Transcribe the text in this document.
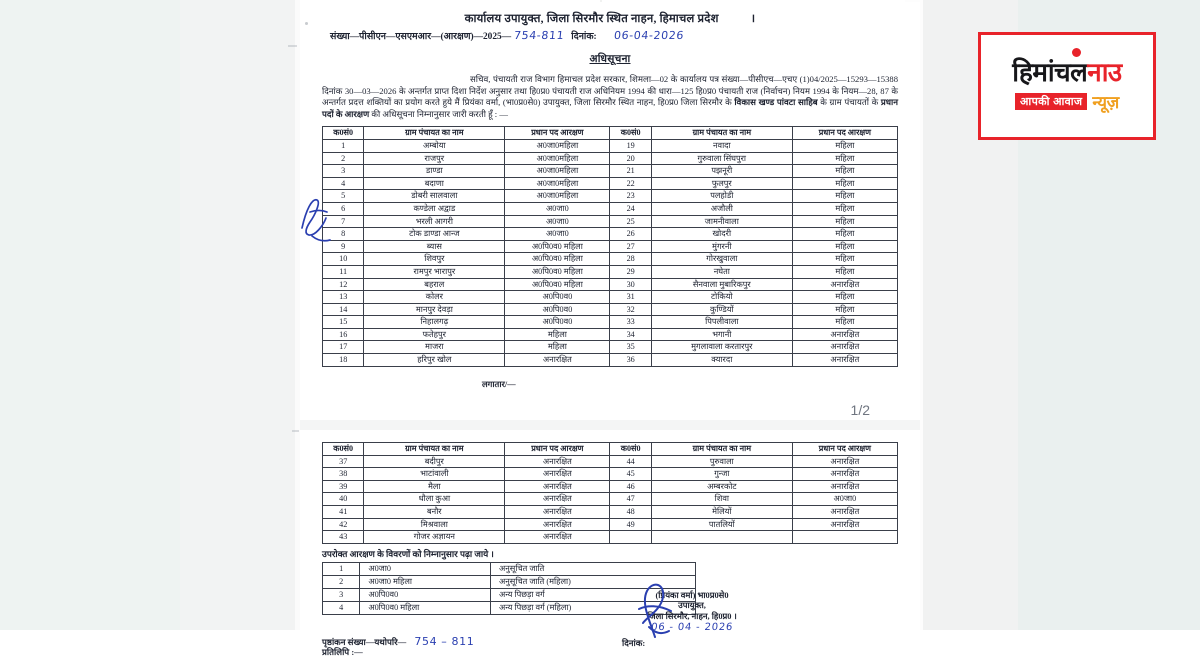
कार्यालय उपायुक्त, जिला सिरमौर स्थित नाहन, हिमाचल प्रदेश	।
संख्या—पीसीएन—एसएमआर—(आरक्षण)—2025— 754-811 दिनांक: 06-04-2026
अधिसूचना
सचिव, पंचायती राज विभाग हिमाचल प्रदेश सरकार, शिमला—02 के कार्यालय पत्र संख्या—पीसीएच—एचए (1)04/2025—15293—15388 दिनांक 30—03—2026 के अन्तर्गत प्राप्त दिशा निर्देश अनुसार तथा हि0प्र0 पंचायती राज अधिनियम 1994 की धारा—125 हि0प्र0 पंचायती राज (निर्वाचन) नियम 1994 के नियम—28, 87 के अन्तर्गत प्रदत्त शक्तियों का प्रयोग करते हुये मैं प्रियंका वर्मा, (भा0प्र0से0) उपायुक्त, जिला सिरमौर स्थित नाहन, हि0प्र0 जिला सिरमौर के विकास खण्ड पांवटा साहिब के ग्राम पंचायतों के प्रधान पदों के आरक्षण की अधिसूचना निम्नानुसार जारी करती हूँ : —
क0सं0	ग्राम पंचायत का नाम	प्रधान पद आरक्षण	क0सं0	ग्राम पंचायत का नाम	प्रधान पद आरक्षण
1	अम्बोया	अ0जा0महिला	19	नवादा	महिला
2	राजपुर	अ0जा0महिला	20	गुरुवाला सिंघपुरा	महिला
3	डाण्डा	अ0जा0महिला	21	पझनूरी	महिला
4	बदाणा	अ0जा0महिला	22	फुलपुर	महिला
5	डोबरी सालवाला	अ0जा0महिला	23	पलहोडी	महिला
6	कण्डेला अद्वाड	अ0जा0	24	अजौली	महिला
7	भरली आगरी	अ0जा0	25	जामनीवाला	महिला
8	टोक डाण्डा आन्ज	अ0जा0	26	खोदरी	महिला
9	ब्यास	अ0पि0व0 महिला	27	मुंगरनी	महिला
10	शिवपुर	अ0पि0व0 महिला	28	गोरखुवाला	महिला
11	रामपुर भारापुर	अ0पि0व0 महिला	29	नघेता	महिला
12	बहराल	अ0पि0व0 महिला	30	सैनवाला मुबारिकपुर	अनारक्षित
13	कोलर	अ0पि0व0	31	टोकियो	महिला
14	मानपुर देवड़ा	अ0पि0व0	32	कुण्डियों	महिला
15	निहालगढ़	अ0पि0व0	33	पिपलीवाला	महिला
16	फतेहपुर	महिला	34	भगानी	अनारक्षित
17	माजरा	महिला	35	मुगलावाला करतारपुर	अनारक्षित
18	हरिपुर खोल	अनारक्षित	36	क्यारदा	अनारक्षित
लगातार/—
1/2
क0सं0	ग्राम पंचायत का नाम	प्रधान पद आरक्षण	क0सं0	ग्राम पंचायत का नाम	प्रधान पद आरक्षण
37	बदीपुर	अनारक्षित	44	पुरुवाला	अनारक्षित
38	भाटांवाली	अनारक्षित	45	गुन्जा	अनारक्षित
39	मैला	अनारक्षित	46	अम्बरकोट	अनारक्षित
40	धौला कुआ	अनारक्षित	47	शिवा	अ0जा0
41	बनौर	अनारक्षित	48	मेलियों	अनारक्षित
42	मिश्रवाला	अनारक्षित	49	पातलियों	अनारक्षित
43	गोजर अज्ञायन	अनारक्षित			
उपरोक्त आरक्षण के विवरणों को निम्नानुसार पढ़ा जाये ।
1	अ0जा0	अनुसूचित जाति
2	अ0जा0 महिला	अनुसूचित जाति (महिला)
3	अ0पि0व0	अन्य पिछड़ा वर्ग
4	अ0पि0व0 महिला	अन्य पिछड़ा वर्ग (महिला)
पृष्ठांकन संख्या—यथोपरि— 754 – 811
प्रतिलिपि :—
दिनांक:
(प्रियंका वर्मा) भा0प्र0से0
उपायुक्त,
जिला सिरमौर, नाहन, हि0प्र0 ।
06 - 04 - 2026
हिमांचल नाउ
आपकी आवाज न्यूज़
